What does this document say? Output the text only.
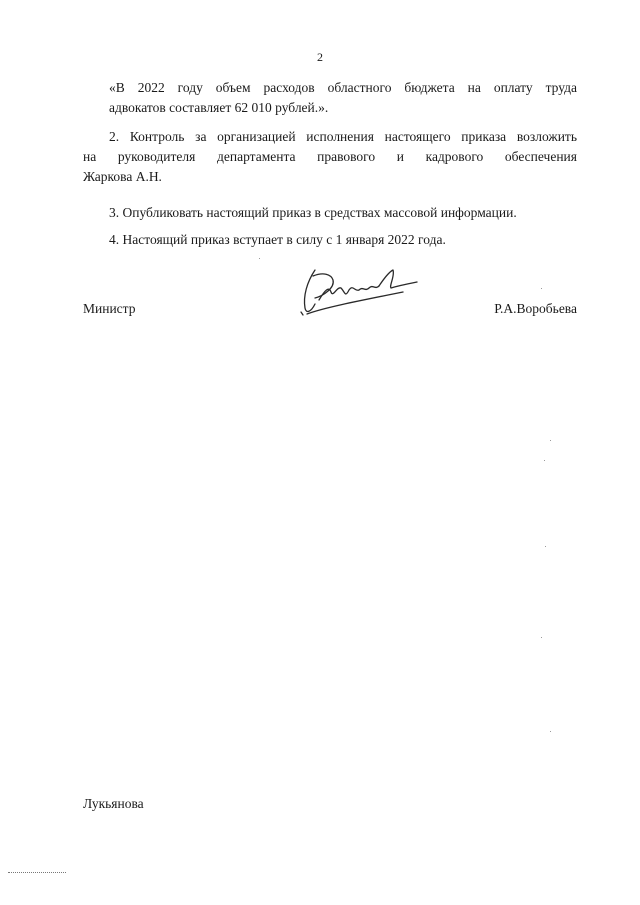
2

«В 2022 году объем расходов областного бюджета на оплату труда
адвокатов составляет 62 010 рублей.».

2. Контроль за организацией исполнения настоящего приказа возложить
на руководителя департамента правового и кадрового обеспечения
Жаркова А.Н.

3. Опубликовать настоящий приказ в средствах массовой информации.

4. Настоящий приказ вступает в силу с 1 января 2022 года.

Министр	Р.А.Воробьева
Лукьянова
